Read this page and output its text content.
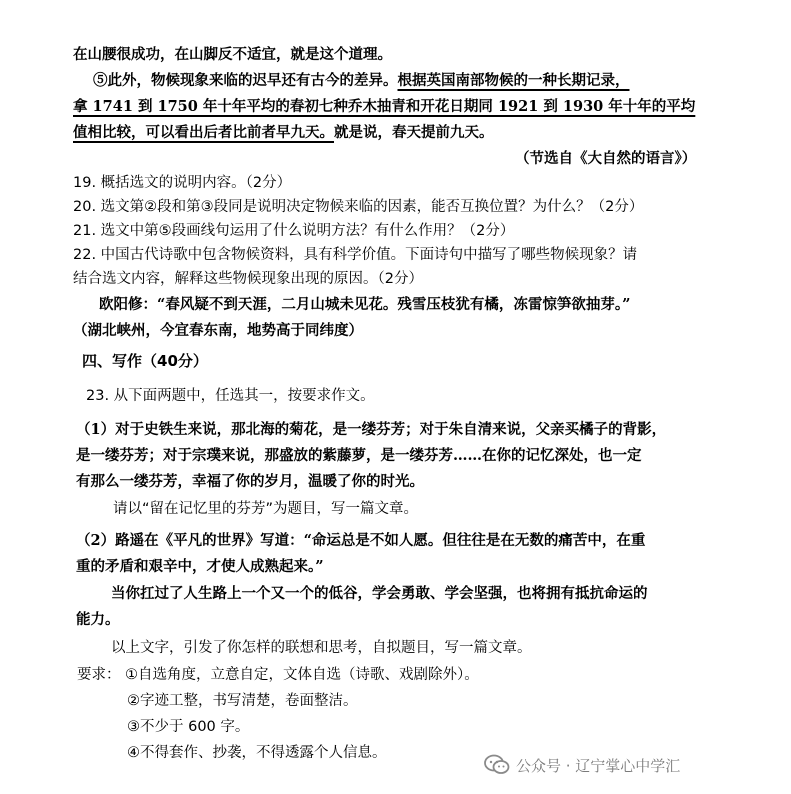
在山腰很成功，在山脚反不适宜，就是这个道理。
⑤此外，物候现象来临的迟早还有古今的差异。根据英国南部物候的一种长期记录，
拿 1741 到 1750 年十年平均的春初七种乔木抽青和开花日期同 1921 到 1930 年十年的平均
值相比较，可以看出后者比前者早九天。就是说，春天提前九天。
（节选自《大自然的语言》）
19. 概括选文的说明内容。（2分）
20. 选文第②段和第③段同是说明决定物候来临的因素，能否互换位置？为什么？（2分）
21. 选文中第⑤段画线句运用了什么说明方法？有什么作用？（2分）
22. 中国古代诗歌中包含物候资料，具有科学价值。下面诗句中描写了哪些物候现象？请
结合选文内容，解释这些物候现象出现的原因。（2分）
欧阳修：“春风疑不到天涯，二月山城未见花。残雪压枝犹有橘，冻雷惊笋欲抽芽。”
（湖北峡州，今宜春东南，地势高于同纬度）
四、写作（40分）
23. 从下面两题中，任选其一，按要求作文。
（1）对于史铁生来说，那北海的菊花，是一缕芬芳；对于朱自清来说，父亲买橘子的背影，
是一缕芬芳；对于宗璞来说，那盛放的紫藤萝，是一缕芬芳……在你的记忆深处，也一定
有那么一缕芬芳，幸福了你的岁月，温暖了你的时光。
请以“留在记忆里的芬芳”为题目，写一篇文章。
（2）路遥在《平凡的世界》写道：“命运总是不如人愿。但往往是在无数的痛苦中，在重
重的矛盾和艰辛中，才使人成熟起来。”
当你扛过了人生路上一个又一个的低谷，学会勇敢、学会坚强，也将拥有抵抗命运的
能力。
以上文字，引发了你怎样的联想和思考，自拟题目，写一篇文章。
要求： ①自选角度，立意自定，文体自选（诗歌、戏剧除外）。
②字迹工整，书写清楚，卷面整洁。
③不少于 600 字。
④不得套作、抄袭，不得透露个人信息。
公众号 · 辽宁掌心中学汇
